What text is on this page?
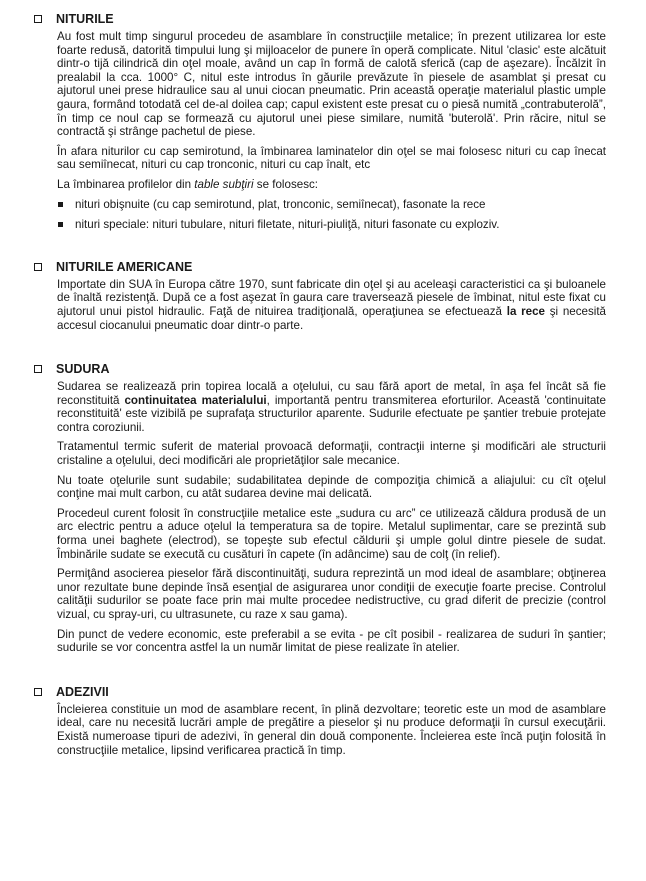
NITURILE

Au fost mult timp singurul procedeu de asamblare în construcţiile metalice; în prezent utilizarea lor este foarte redusă, datorită timpului lung şi mijloacelor de punere în operă complicate. Nitul 'clasic' este alcătuit dintr-o tijă cilindrică din oţel moale, având un cap în formă de calotă sferică (cap de aşezare). Încălzit în prealabil la cca. 1000° C, nitul este introdus în găurile prevăzute în piesele de asamblat şi presat cu ajutorul unei prese hidraulice sau al unui ciocan pneumatic. Prin această operaţie materialul plastic umple gaura, formând totodată cel de-al doilea cap; capul existent este presat cu o piesă numită „contrabuterolă”, în timp ce noul cap se formează cu ajutorul unei piese similare, numită 'buterolă'. Prin răcire, nitul se contractă şi strânge pachetul de piese.

În afara niturilor cu cap semirotund, la îmbinarea laminatelor din oţel se mai folosesc nituri cu cap înecat sau semiînecat, nituri cu cap tronconic, nituri cu cap înalt, etc

La îmbinarea profilelor din table subţiri se folosesc:

nituri obişnuite (cu cap semirotund, plat, tronconic, semiînecat), fasonate la rece
nituri speciale: nituri tubulare, nituri filetate, nituri-piuliţă, nituri fasonate cu exploziv.
NITURILE AMERICANE

Importate din SUA în Europa către 1970, sunt fabricate din oţel şi au aceleaşi caracteristici ca şi buloanele de înaltă rezistenţă. După ce a fost aşezat în gaura care traversează piesele de îmbinat, nitul este fixat cu ajutorul unui pistol hidraulic. Faţă de nituirea tradiţională, operaţiunea se efectuează la rece şi necesită accesul ciocanului pneumatic doar dintr-o parte.

SUDURA

Sudarea se realizează prin topirea locală a oţelului, cu sau fără aport de metal, în aşa fel încât să fie reconstituită continuitatea materialului, importantă pentru transmiterea eforturilor. Această 'continuitate reconstituită' este vizibilă pe suprafaţa structurilor aparente. Sudurile efectuate pe şantier trebuie protejate contra coroziunii.

Tratamentul termic suferit de material provoacă deformaţii, contracţii interne şi modificări ale structurii cristaline a oţelului, deci modificări ale proprietăţilor sale mecanice.

Nu toate oţelurile sunt sudabile; sudabilitatea depinde de compoziţia chimică a aliajului: cu cît oţelul conţine mai mult carbon, cu atât sudarea devine mai delicată.

Procedeul curent folosit în construcţiile metalice este „sudura cu arc” ce utilizează căldura produsă de un arc electric pentru a aduce oţelul la temperatura sa de topire. Metalul suplimentar, care se prezintă sub forma unei baghete (electrod), se topeşte sub efectul căldurii şi umple golul dintre piesele de sudat. Îmbinările sudate se execută cu cusături în capete (în adâncime) sau de colţ (în relief).

Permiţând asocierea pieselor fără discontinuităţi, sudura reprezintă un mod ideal de asamblare; obţinerea unor rezultate bune depinde însă esenţial de asigurarea unor condiţii de execuţie foarte precise. Controlul calităţii sudurilor se poate face prin mai multe procedee nedistructive, cu grad diferit de precizie (control vizual, cu spray-uri, cu ultrasunete, cu raze x sau gama).

Din punct de vedere economic, este preferabil a se evita - pe cît posibil - realizarea de suduri în şantier; sudurile se vor concentra astfel la un număr limitat de piese realizate în atelier.

ADEZIVII

Încleierea constituie un mod de asamblare recent, în plină dezvoltare; teoretic este un mod de asamblare ideal, care nu necesită lucrări ample de pregătire a pieselor şi nu produce deformaţii în cursul execuţării. Există numeroase tipuri de adezivi, în general din două componente. Încleierea este încă puţin folosită în construcţiile metalice, lipsind verificarea practică în timp.
